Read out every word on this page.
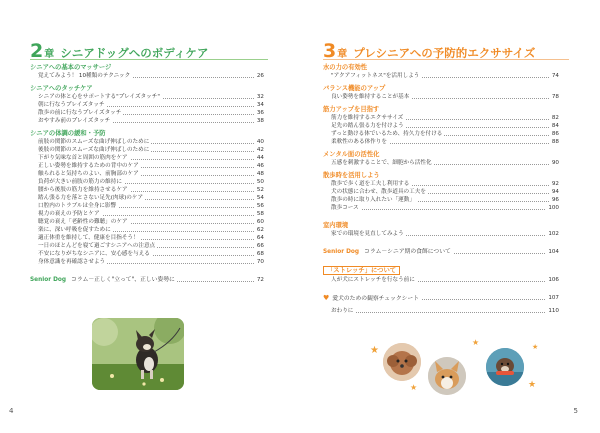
2 章 シニアドッグへのボディケア
シニアへの基本のマッサージ
覚えてみよう！ 10種類のテクニック	26
シニアへのタッチケア
シニアの体と心をサポートする"プレイズタッチ"	32
朝に行なうプレイズタッチ	34
散歩の前に行なうプレイズタッチ	36
おやすみ前のプレイズタッチ	38
シニアの体調の緩和・予防
前肢の関節のスムーズな曲げ伸ばしのために	40
後肢の関節のスムーズな曲げ伸ばしのために	42
下がり気味な首と周囲の筋肉をケア	44
正しい姿勢を維持するための背中のケア	46
触られると気持ちのよい、前胸部のケア	48
負荷が大きい前肢の筋力の維持に	50
腰から後肢の筋力を維持させるケア	52
踏ん張る力を落とさない足先(肉球)のケア	54
口腔内のトラブルは全身に影響	56
視力の衰えの予防とケア	58
聴覚の衰え「老齢性の難聴」のケア	60
楽に、深い呼吸を促すために	62
適正体重を維持して、健康を目指そう！	64
一日のほとんどを寝て過ごすシニアへの注意点	66
不安になりがちなシニアに、安心感を与える	68
身体意識を再確認させよう	70
Senior Dog コラム－正しく"立って"、正しい姿勢に	72
4
3 章 プレシニアへの予防的エクササイズ
水の力の有効性
"アクアフィットネス"を活用しよう	74
バランス機能のアップ
良い姿勢を維持することが基本	78
筋力アップを目指す
筋力を維持するエクササイズ	82
足先の踏ん張る力を付けよう	84
ずっと動ける体でいるため、持久力を付ける	86
柔軟性のある体作りを	88
メンタル面の活性化
五感を刺激することで、細胞から活性化	90
散歩時を活用しよう
散歩で歩く道を工夫し利用する	92
犬の状態に合わせ、散歩道具の工夫を	94
散歩の時に取り入れたい「運動」	96
散歩コース	100
室内環境
家での環境を見直してみよう	102
Senior Dog コラム－シニア期の食餌について	104
「ストレッチ」について
人が犬にストレッチを行なう前に	106
♥ 愛犬のための観察チェックシート	107
おわりに	110
★
★
★
★
★
5
